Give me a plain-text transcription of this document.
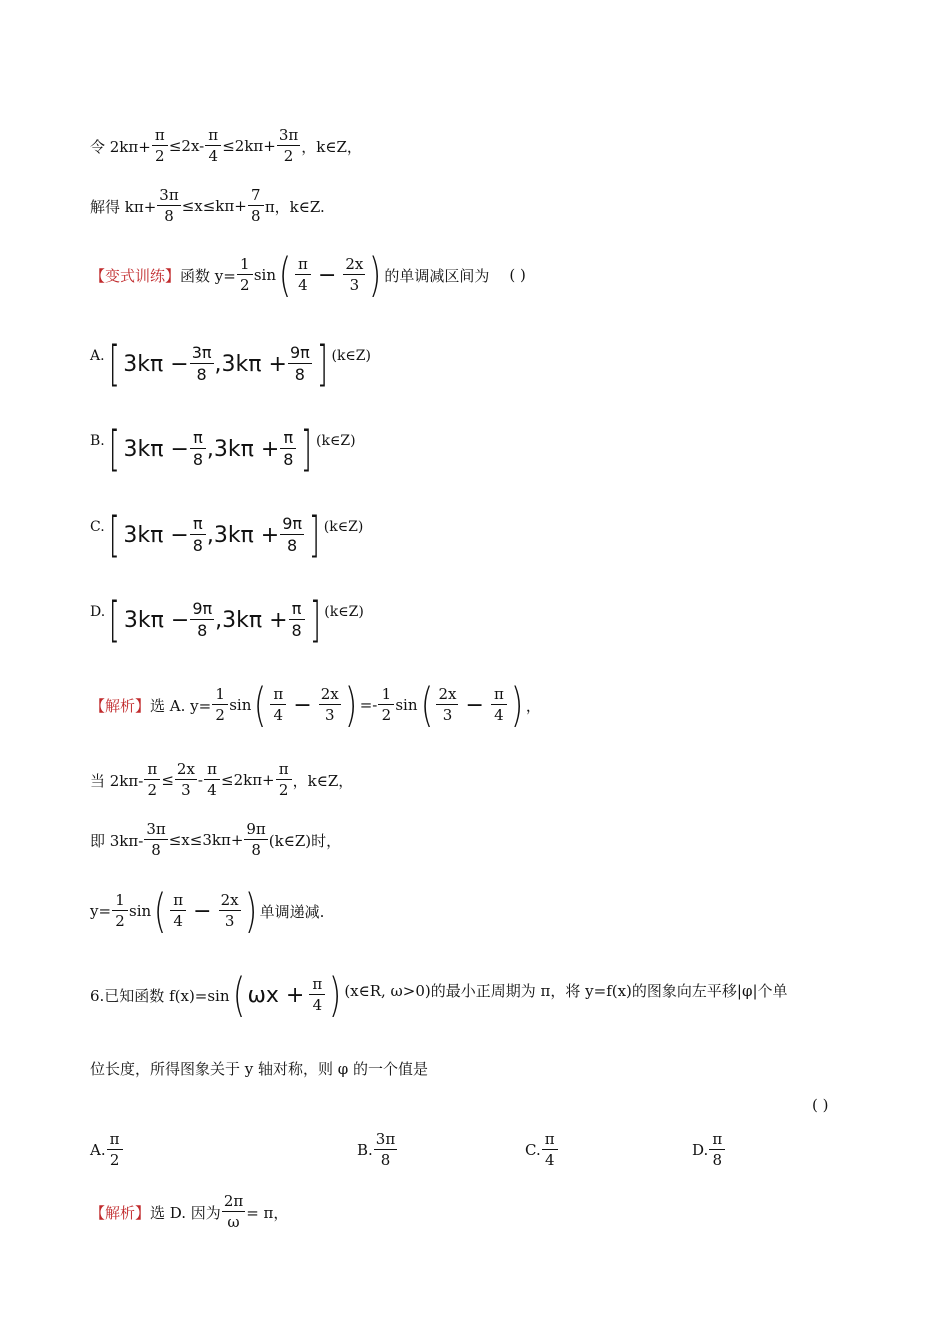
令 $2k\pi+ \frac{\pi}{2} \le 2x- \frac{\pi}{4} \le 2k\pi+ \frac{3\pi}{2}$ ，k∈Z，
解得 $k\pi+ \frac{3\pi}{8} \le x\le k\pi+ \frac{7}{8}$ π，k∈Z.
【变式训练】 函数 $y= \frac{1}{2}$ sin ( $\frac{\pi}{4} - \frac{2x}{3}$ ) 的单调减区间为 ( )
A. [ $3k\pi - \frac{3\pi}{8} ,3k\pi + \frac{9\pi}{8}$ ] (k∈Z)
B. [ $3k\pi - \frac{\pi}{8} ,3k\pi + \frac{\pi}{8}$ ] (k∈Z)
C. [ $3k\pi - \frac{\pi}{8} ,3k\pi + \frac{9\pi}{8}$ ] (k∈Z)
D. [ $3k\pi - \frac{9\pi}{8} ,3k\pi + \frac{\pi}{8}$ ] (k∈Z)
【解析】 选 A. $y= \frac{1}{2}$ sin ( $\frac{\pi}{4} - \frac{2x}{3}$ ) =- $\frac{1}{2}$ sin ( $\frac{2x}{3} - \frac{\pi}{4}$ ) ，
当 $2k\pi- \frac{\pi}{2} \le \frac{2x}{3} - \frac{\pi}{4} \le 2k\pi+ \frac{\pi}{2}$ ，k∈Z，
即 $3k\pi- \frac{3\pi}{8} \le x\le 3k\pi+ \frac{9\pi}{8}$ (k∈Z)时，
$y= \frac{1}{2}$ sin ( $\frac{\pi}{4} - \frac{2x}{3}$ ) 单调递减.
6.已知函数 f(x)=sin ( $\omega x + \frac{\pi}{4}$ ) (x∈R, ω>0)的最小正周期为 π，将 y=f(x)的图象向左平移|φ|个单
位长度，所得图象关于 y 轴对称，则 φ 的一个值是
( )
A. $\frac{\pi}{2}$	B. $\frac{3\pi}{8}$	C. $\frac{\pi}{4}$	D. $\frac{\pi}{8}$
【解析】 选 D. 因为 $\frac{2\pi}{\omega} = \pi$，
